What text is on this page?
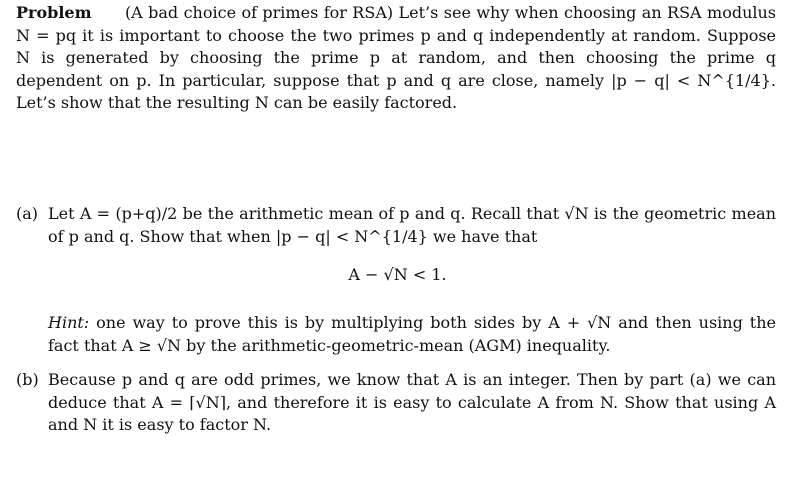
Problem (A bad choice of primes for RSA) Let’s see why when choosing an RSA modulus N = pq it is important to choose the two primes p and q independently at random. Suppose N is generated by choosing the prime p at random, and then choosing the prime q dependent on p. In particular, suppose that p and q are close, namely |p − q| < N^{1/4}. Let’s show that the resulting N can be easily factored.
(a) Let A = (p+q)/2 be the arithmetic mean of p and q. Recall that √N is the geometric mean of p and q. Show that when |p − q| < N^{1/4} we have that
A − √N < 1.
Hint: one way to prove this is by multiplying both sides by A + √N and then using the fact that A ≥ √N by the arithmetic-geometric-mean (AGM) inequality.
(b) Because p and q are odd primes, we know that A is an integer. Then by part (a) we can deduce that A = ⌈√N⌉, and therefore it is easy to calculate A from N. Show that using A and N it is easy to factor N.
